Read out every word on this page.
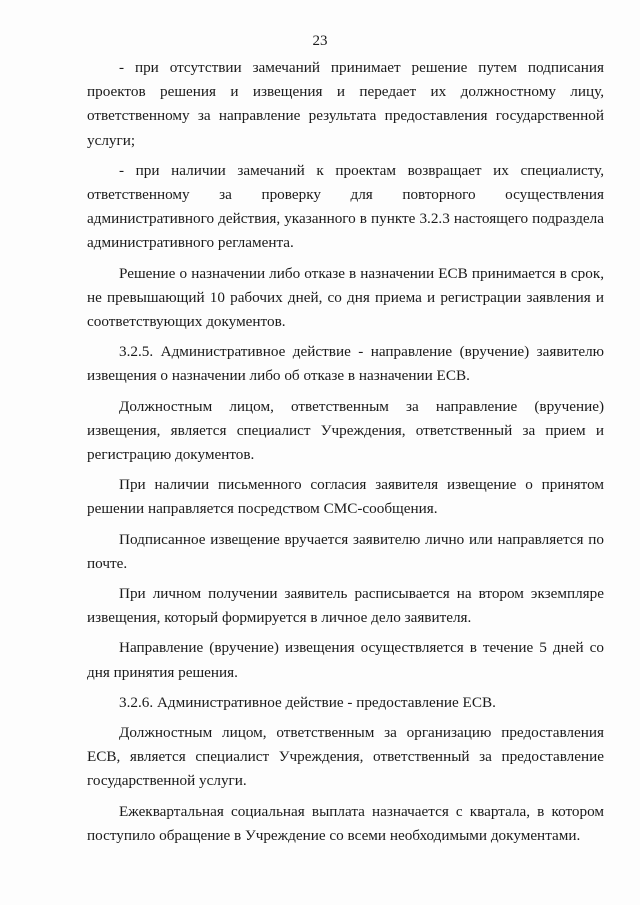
23

- при отсутствии замечаний принимает решение путем подписания проектов решения и извещения и передает их должностному лицу, ответственному за направление результата предоставления государственной услуги;

- при наличии замечаний к проектам возвращает их специалисту, ответственному за проверку для повторного осуществления административного действия, указанного в пункте 3.2.3 настоящего подраздела административного регламента.

Решение о назначении либо отказе в назначении ЕСВ принимается в срок, не превышающий 10 рабочих дней, со дня приема и регистрации заявления и соответствующих документов.

3.2.5. Административное действие - направление (вручение) заявителю извещения о назначении либо об отказе в назначении ЕСВ.

Должностным лицом, ответственным за направление (вручение) извещения, является специалист Учреждения, ответственный за прием и регистрацию документов.

При наличии письменного согласия заявителя извещение о принятом решении направляется посредством СМС-сообщения.

Подписанное извещение вручается заявителю лично или направляется по почте.

При личном получении заявитель расписывается на втором экземпляре извещения, который формируется в личное дело заявителя.

Направление (вручение) извещения осуществляется в течение 5 дней со дня принятия решения.

3.2.6. Административное действие - предоставление ЕСВ.

Должностным лицом, ответственным за организацию предоставления ЕСВ, является специалист Учреждения, ответственный за предоставление государственной услуги.

Ежеквартальная социальная выплата назначается с квартала, в котором поступило обращение в Учреждение со всеми необходимыми документами.
